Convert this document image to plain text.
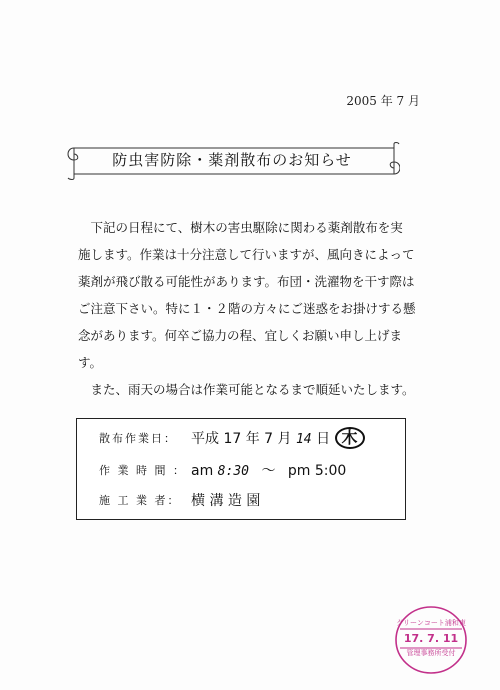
2005 年 7 月
防虫害防除・薬剤散布のお知らせ

下記の日程にて、樹木の害虫駆除に関わる薬剤散布を実
施します。作業は十分注意して行いますが、風向きによって
薬剤が飛び散る可能性があります。布団・洗濯物を干す際は
ご注意下さい。特に１・２階の方々にご迷惑をお掛けする懸
念があります。何卒ご協力の程、宜しくお願い申し上げます。

また、雨天の場合は作業可能となるまで順延いたします。

散布作業日：	平成 17 年 7 月 14 日 木
作 業 時 間 ： am 8:30 〜 pm 5:00
施 工 業 者： 横 溝 造 園
グリーンコート浦和東
17. 7. 11
管理事務所受付
